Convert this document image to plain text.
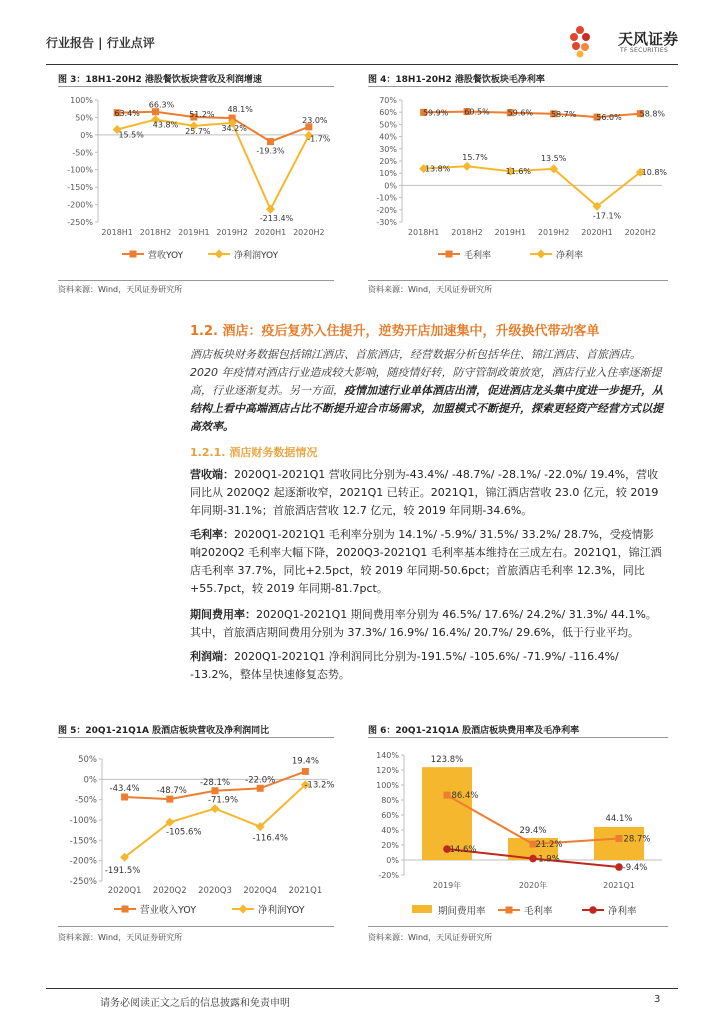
行业报告 | 行业点评	天风证券
TF SECURITIES
图 3：18H1-20H2 港股餐饮板块营收及利润增速
100%
50%
0%
-50%
-100%
-150%
-200%
-250%
2018H1 2018H2 2019H1 2019H2 2020H1 2020H2
63.4%
66.3%
51.2%
48.1%
-19.3%
23.0%
15.5%
43.8%
25.7% 34.2%
-213.4%
-1.7%
营收YOY	净利润YOY
资料来源：Wind，天风证券研究所
图 4：18H1-20H2 港股餐饮板块毛净利率
70%
60%
50%
40%
30%
20%
10%
0%
-10%
-20%
-30%
2018H1 2018H2 2019H1 2019H2 2020H1 2020H2
59.9% 60.5% 59.6% 58.7% 56.0% 58.8%
13.8%
15.7%
11.6%
13.5%
-17.1%
10.8%
毛利率	净利率
资料来源：Wind，天风证券研究所
1.2. 酒店：疫后复苏入住提升，逆势开店加速集中，升级换代带动客单

酒店板块财务数据包括锦江酒店、首旅酒店，经营数据分析包括华住、锦江酒店、首旅酒店。2020 年疫情对酒店行业造成较大影响，随疫情好转，防守管制政策放宽，酒店行业入住率逐渐提高，行业逐渐复苏。另一方面，疫情加速行业单体酒店出清，促进酒店龙头集中度进一步提升，从结构上看中高端酒店占比不断提升迎合市场需求，加盟模式不断提升，探索更轻资产经营方式以提高效率。

1.2.1. 酒店财务数据情况

营收端：2020Q1-2021Q1 营收同比分别为-43.4%/ -48.7%/ -28.1%/ -22.0%/ 19.4%，营收同比从 2020Q2 起逐渐收窄，2021Q1 已转正。2021Q1，锦江酒店营收 23.0 亿元，较 2019 年同期-31.1%；首旅酒店营收 12.7 亿元，较 2019 年同期-34.6%。

毛利率：2020Q1-2021Q1 毛利率分别为 14.1%/ -5.9%/ 31.5%/ 33.2%/ 28.7%，受疫情影响2020Q2 毛利率大幅下降，2020Q3-2021Q1 毛利率基本维持在三成左右。2021Q1，锦江酒店毛利率 37.7%，同比+2.5pct，较 2019 年同期-50.6pct；首旅酒店毛利率 12.3%，同比+55.7pct，较 2019 年同期-81.7pct。

期间费用率：2020Q1-2021Q1 期间费用率分别为 46.5%/ 17.6%/ 24.2%/ 31.3%/ 44.1%。其中，首旅酒店期间费用分别为 37.3%/ 16.9%/ 16.4%/ 20.7%/ 29.6%，低于行业平均。

利润端：2020Q1-2021Q1 净利润同比分别为-191.5%/ -105.6%/ -71.9%/ -116.4%/ -13.2%，整体呈快速修复态势。

图 5：20Q1-21Q1A 股酒店板块营收及净利润同比
50%
0%
-50%
-100%
-150%
-200%
-250%
2020Q1 2020Q2 2020Q3 2020Q4 2021Q1
-43.4% -48.7%
-28.1% -22.0%
19.4%
-191.5%
-105.6%
-71.9%
-116.4%
-13.2%
营业收入YOY	净利润YOY
资料来源：Wind，天风证券研究所
图 6：20Q1-21Q1A 股酒店板块费用率及毛净利率
140%
120%
100%
80%
60%
40%
20%
0%
-20%
2019年	2020年	2021Q1
123.8%
29.4%
44.1%
86.4%
21.2%
28.7%
14.6%
1.9%
-9.4%
期间费用率	毛利率	净利率
资料来源：Wind，天风证券研究所
请务必阅读正文之后的信息披露和免责申明	3
